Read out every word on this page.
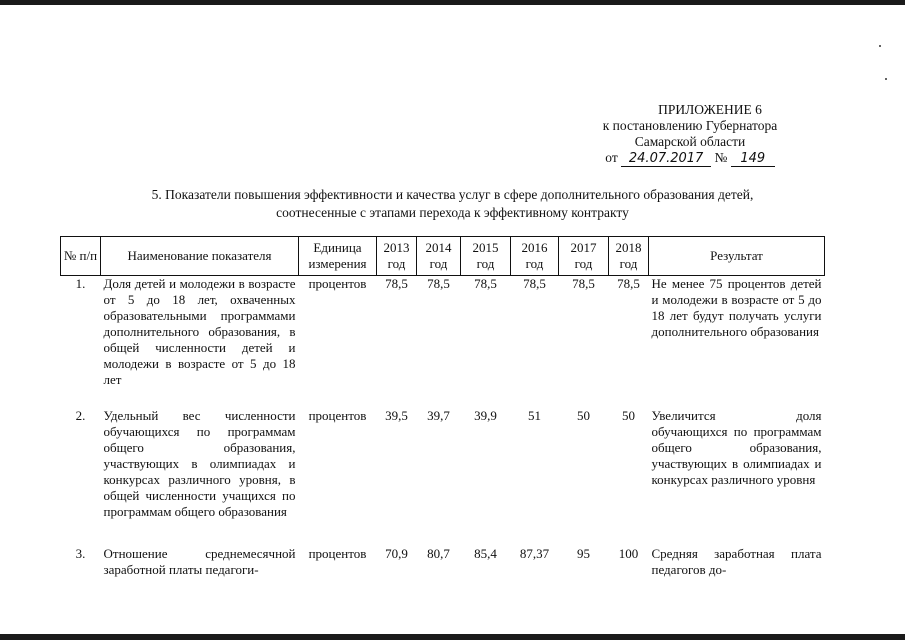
ПРИЛОЖЕНИЕ 6
к постановлению Губернатора
Самарской области
от 24.07.2017 № 149
5. Показатели повышения эффективности и качества услуг в сфере дополнительного образования детей,
соотнесенные с этапами перехода к эффективному контракту
№ п/п	Наименование показателя	Единица измерения	2013 год	2014 год	2015 год	2016 год	2017 год	2018 год	Результат
1.	Доля детей и молодежи в возрасте от 5 до 18 лет, охваченных образовательными программами дополнительного образования, в общей численности детей и молодежи в возрасте от 5 до 18 лет	процентов	78,5	78,5	78,5	78,5	78,5	78,5	Не менее 75 процентов детей и молодежи в возрасте от 5 до 18 лет будут получать услуги дополнительного образования
2.	Удельный вес численности обучающихся по программам общего образования, участвующих в олимпиадах и конкурсах различного уровня, в общей численности учащихся по программам общего образования	процентов	39,5	39,7	39,9	51	50	50	Увеличится доля обучающихся по программам общего образования, участвующих в олимпиадах и конкурсах различного уровня
3.	Отношение среднемесячной заработной платы педагоги-	процентов	70,9	80,7	85,4	87,37	95	100	Средняя заработная плата педагогов до-
